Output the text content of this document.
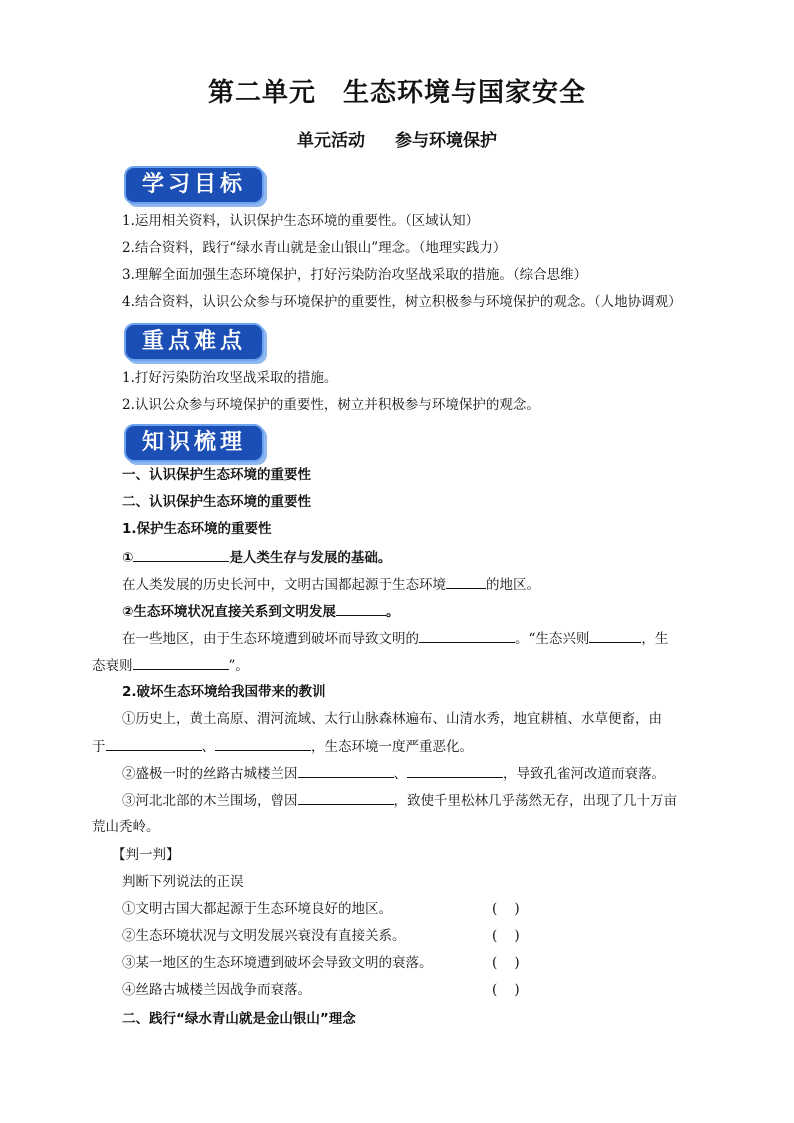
第二单元　生态环境与国家安全
单元活动 参与环境保护
学习目标
1.运用相关资料，认识保护生态环境的重要性。（区域认知）
2.结合资料，践行“绿水青山就是金山银山”理念。（地理实践力）
3.理解全面加强生态环境保护，打好污染防治攻坚战采取的措施。（综合思维）
4.结合资料，认识公众参与环境保护的重要性，树立积极参与环境保护的观念。（人地协调观）
重点难点
1.打好污染防治攻坚战采取的措施。
2.认识公众参与环境保护的重要性，树立并积极参与环境保护的观念。
知识梳理
一、认识保护生态环境的重要性
二、认识保护生态环境的重要性
1.保护生态环境的重要性
①	是人类生存与发展的基础。
在人类发展的历史长河中，文明古国都起源于生态环境	的地区。
②生态环境状况直接关系到文明发展	。
在一些地区，由于生态环境遭到破坏而导致文明的	。“生态兴则	，生
态衰则	”。
2.破坏生态环境给我国带来的教训
①历史上，黄土高原、渭河流域、太行山脉森林遍布、山清水秀，地宜耕植、水草便畜，由
于	、	，生态环境一度严重恶化。
②盛极一时的丝路古城楼兰因	、	，导致孔雀河改道而衰落。
③河北北部的木兰围场，曾因	，致使千里松林几乎荡然无存，出现了几十万亩
荒山秃岭。
【判一判】
判断下列说法的正误
①文明古国大都起源于生态环境良好的地区。	(    )
②生态环境状况与文明发展兴衰没有直接关系。	(    )
③某一地区的生态环境遭到破坏会导致文明的衰落。	(    )
④丝路古城楼兰因战争而衰落。	(    )
二、践行“绿水青山就是金山银山”理念
